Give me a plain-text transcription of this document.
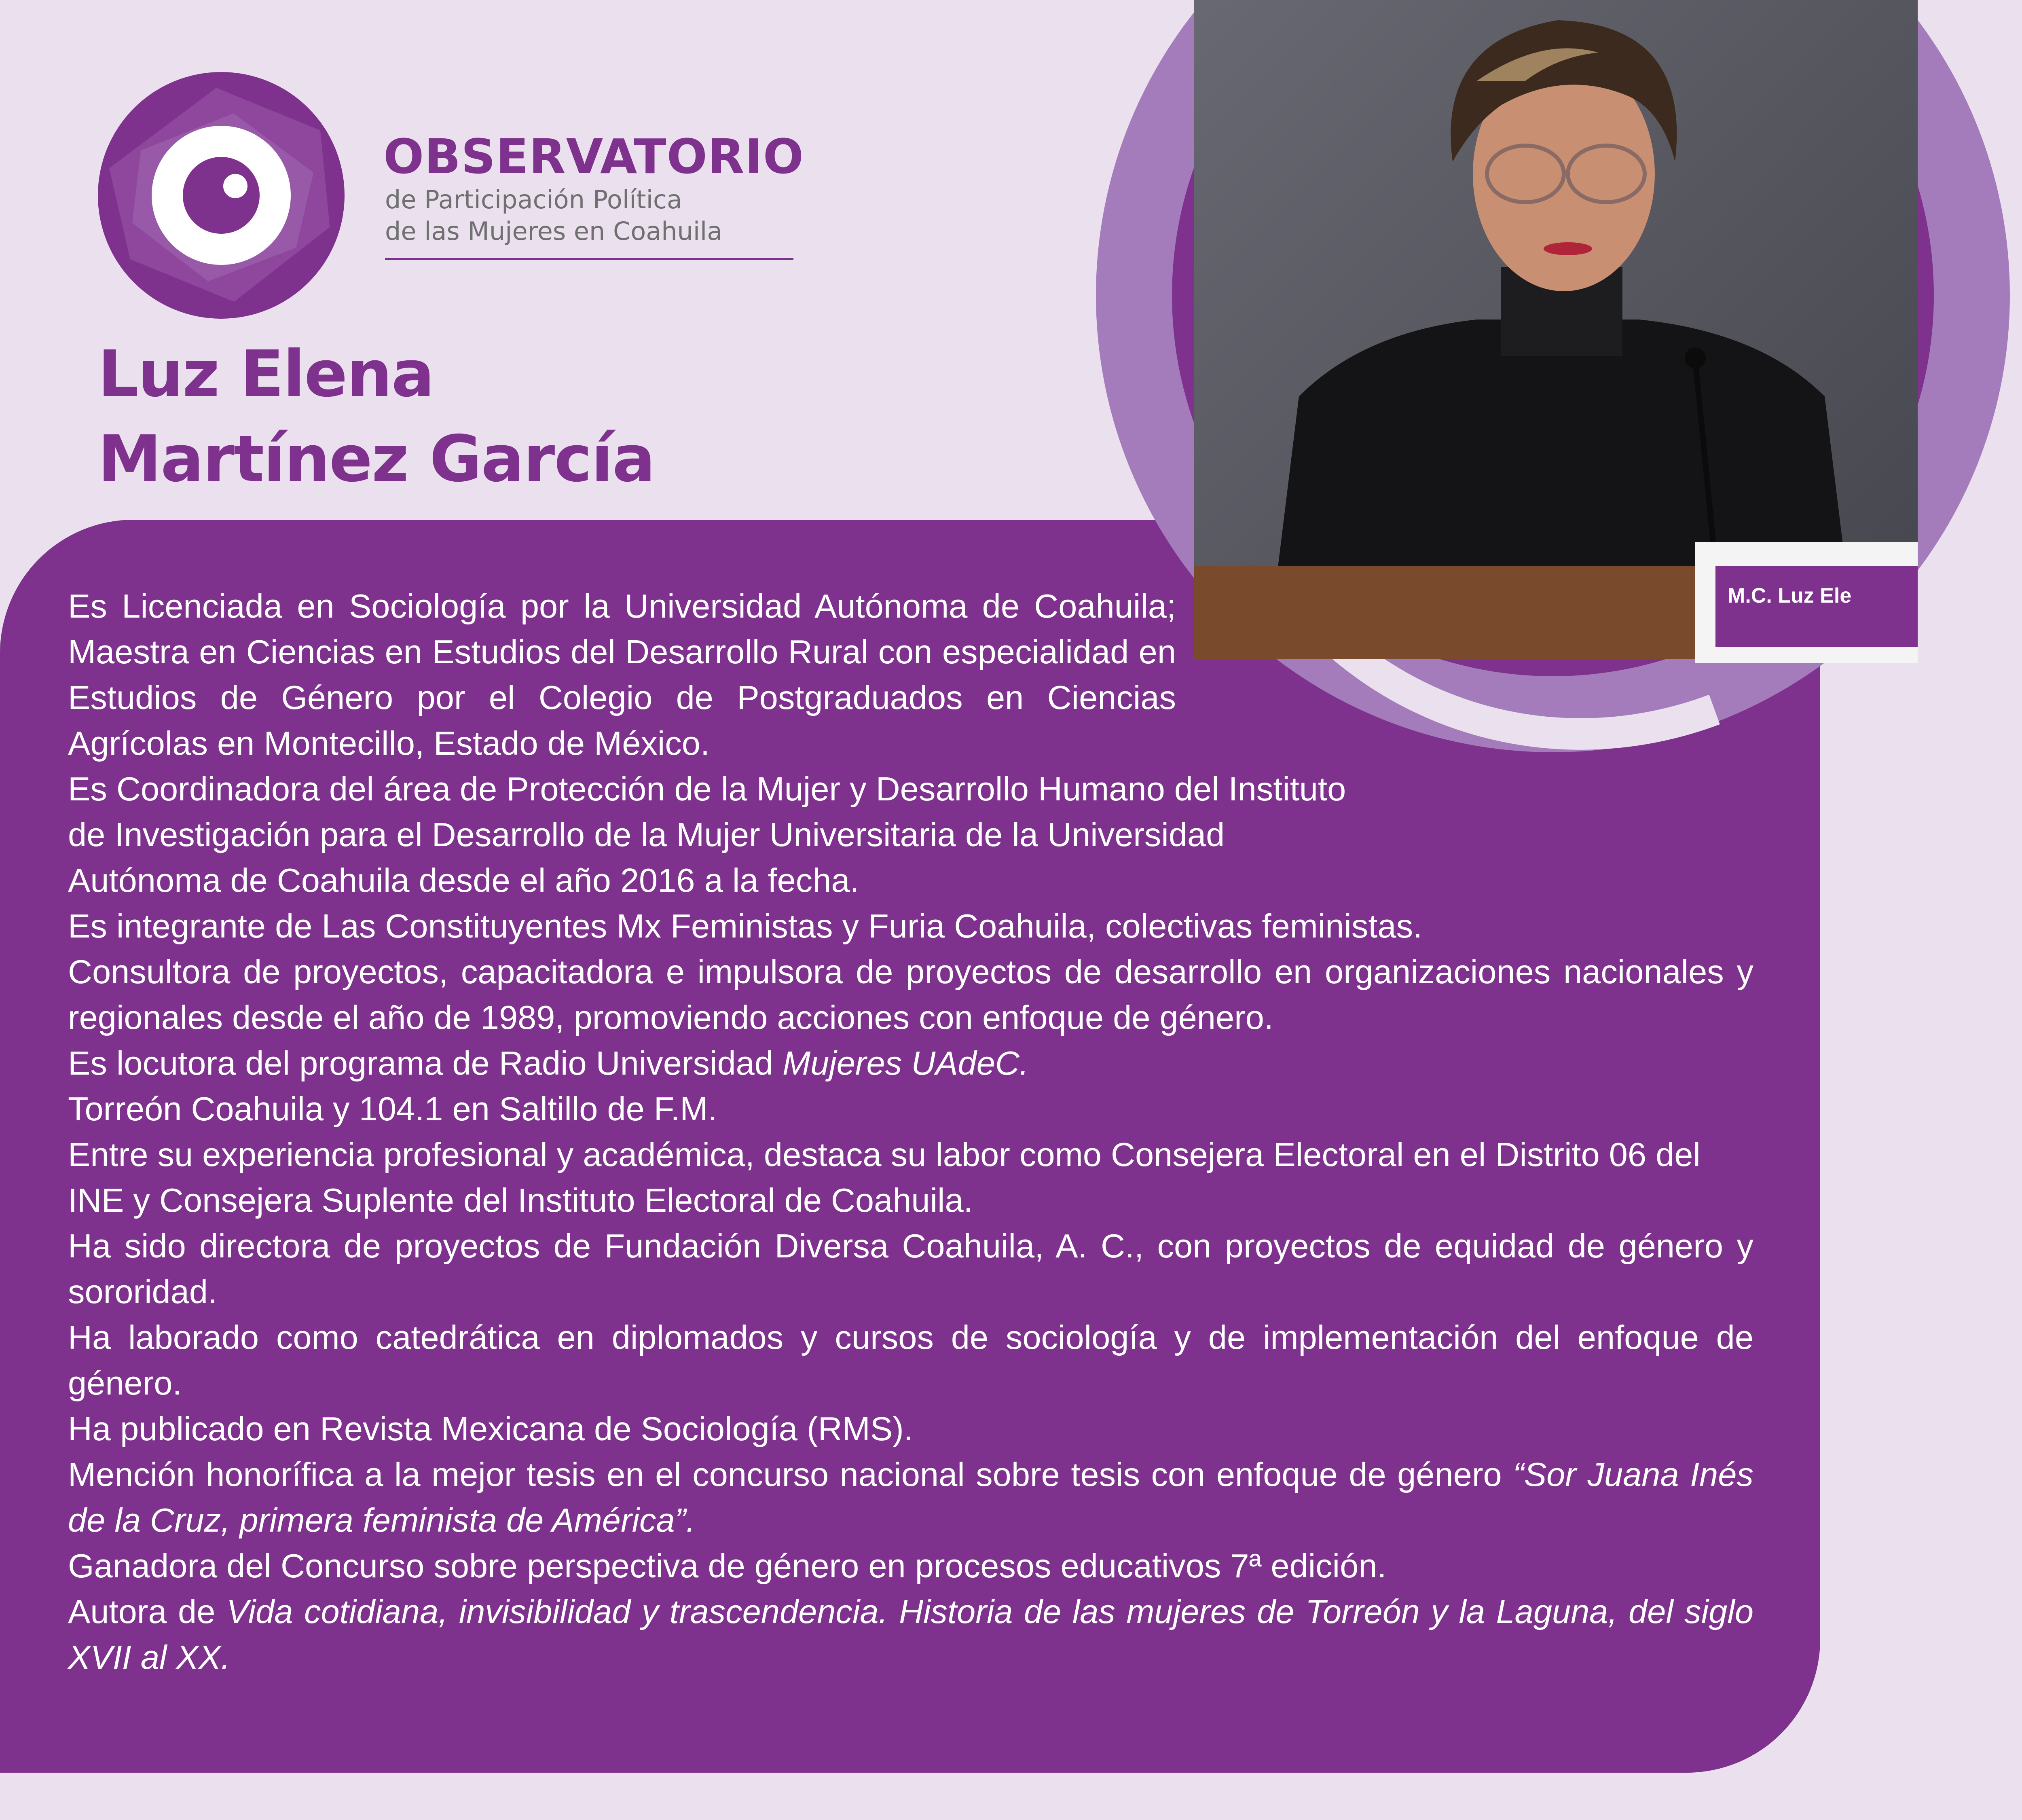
OBSERVATORIO
de Participación Política
de las Mujeres en Coahuila
Luz Elena
Martínez García
M.C. Luz Ele

Es Licenciada en Sociología por la Universidad Autónoma de Coahuila; Maestra en Ciencias en Estudios del Desarrollo Rural con especialidad en Estudios de Género por el Colegio de Postgraduados en Ciencias Agrícolas en Montecillo, Estado de México.

Es Coordinadora del área de Protección de la Mujer y Desarrollo Humano del Instituto de Investigación para el Desarrollo de la Mujer Universitaria de la Universidad Autónoma de Coahuila desde el año 2016 a la fecha.

Es integrante de Las Constituyentes Mx Feministas y Furia Coahuila, colectivas feministas.

Consultora de proyectos, capacitadora e impulsora de proyectos de desarrollo en organizaciones nacionales y regionales desde el año de 1989, promoviendo acciones con enfoque de género.

Es locutora del programa de Radio Universidad Mujeres UAdeC.

Torreón Coahuila y 104.1 en Saltillo de F.M.

Entre su experiencia profesional y académica, destaca su labor como Consejera Electoral en el Distrito 06 del INE y Consejera Suplente del Instituto Electoral de Coahuila.

Ha sido directora de proyectos de Fundación Diversa Coahuila, A. C., con proyectos de equidad de género y sororidad.

Ha laborado como catedrática en diplomados y cursos de sociología y de implementación del enfoque de género.

Ha publicado en Revista Mexicana de Sociología (RMS).

Mención honorífica a la mejor tesis en el concurso nacional sobre tesis con enfoque de género “Sor Juana Inés de la Cruz, primera feminista de América”.

Ganadora del Concurso sobre perspectiva de género en procesos educativos 7ª edición.

Autora de Vida cotidiana, invisibilidad y trascendencia. Historia de las mujeres de Torreón y la Laguna, del siglo XVII al XX.
